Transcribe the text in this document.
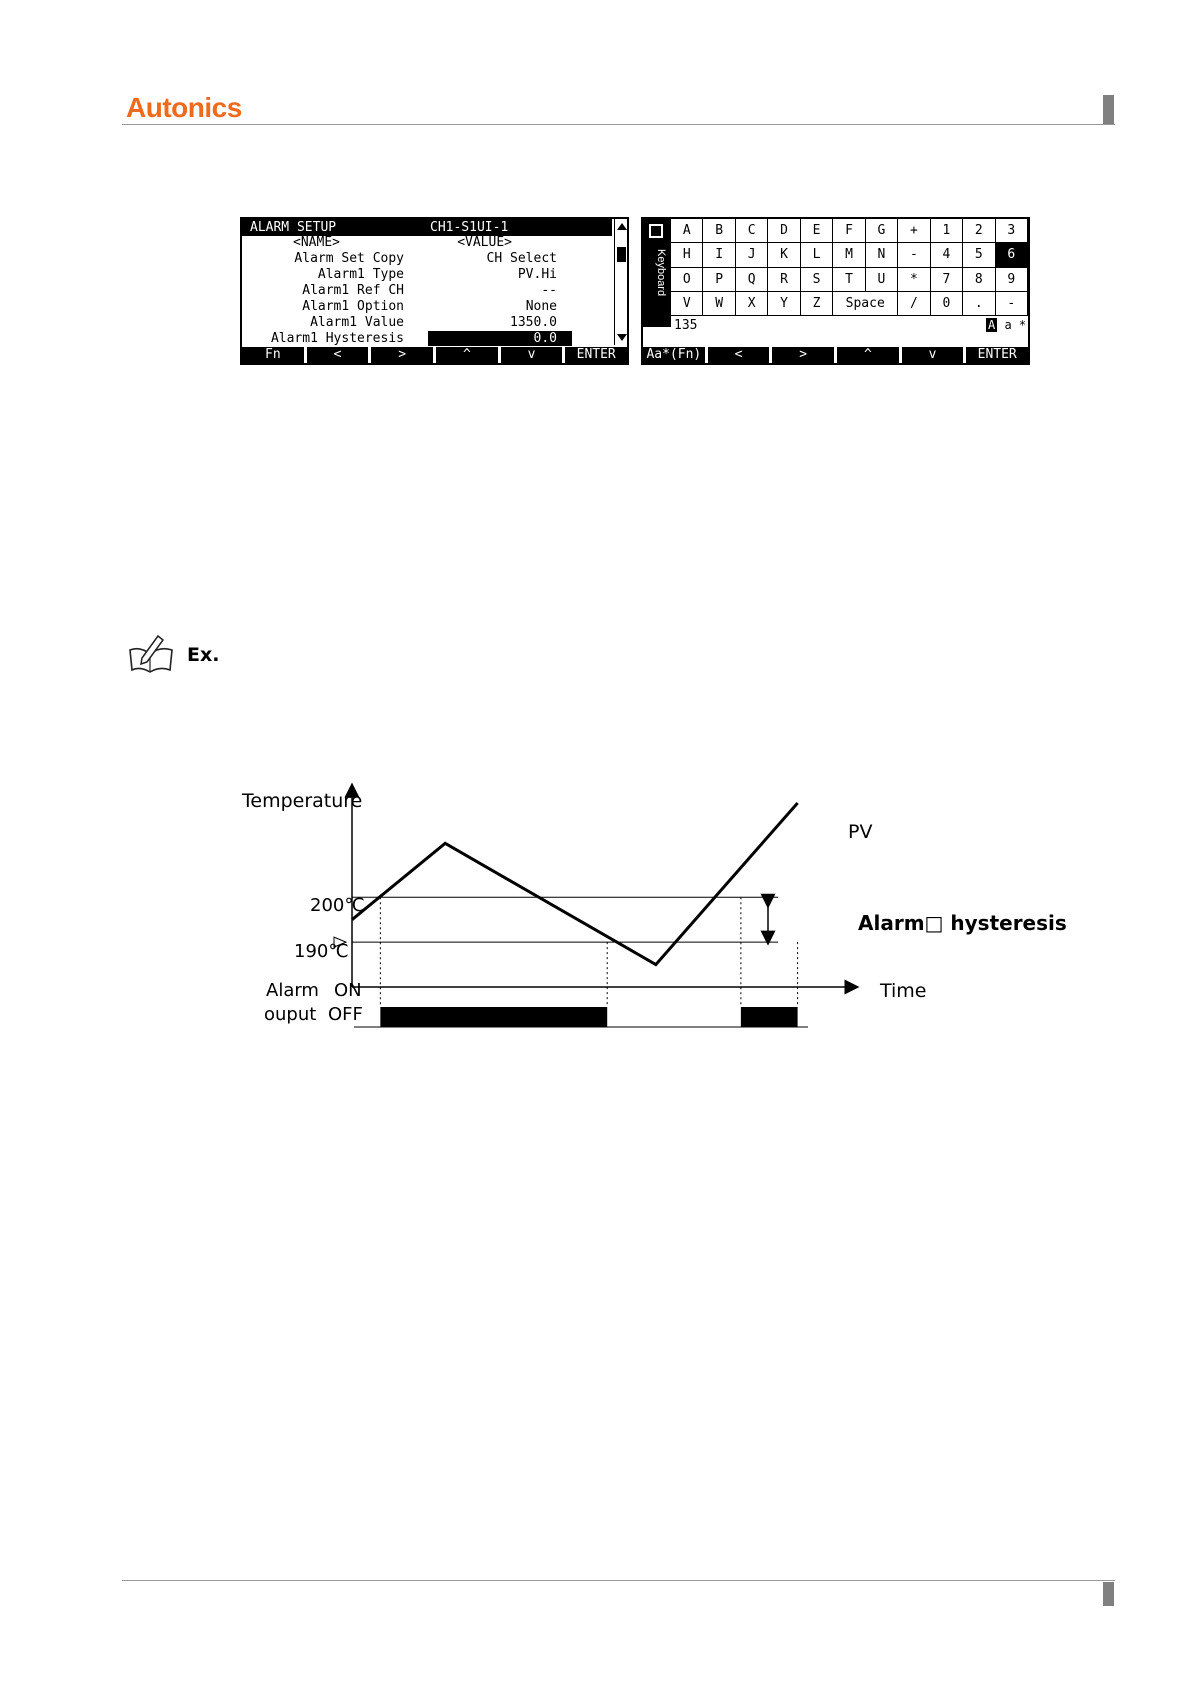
Autonics
ALARM SETUP	CH1-S1UI-1
<NAME>	<VALUE>
Alarm Set Copy	CH Select
Alarm1 Type	PV.Hi
Alarm1 Ref CH	--
Alarm1 Option	None
Alarm1 Value	1350.0
Alarm1 Hysteresis	0.0
Fn	<	>	^	v	ENTER
Keyboard
A	B	C	D	E	F	G	+	1	2	3
H	I	J	K	L	M	N	-	4	5	6
O	P	Q	R	S	T	U	*	7	8	9
V	W	X	Y	Z	Space	/	0	.	-
135	A a *
Aa*(Fn)	<	>	^	v	ENTER
Ex.
Temperature
Time
PV
200℃
190℃
Alarm□ hysteresis
Alarm
ouput
ON
OFF
